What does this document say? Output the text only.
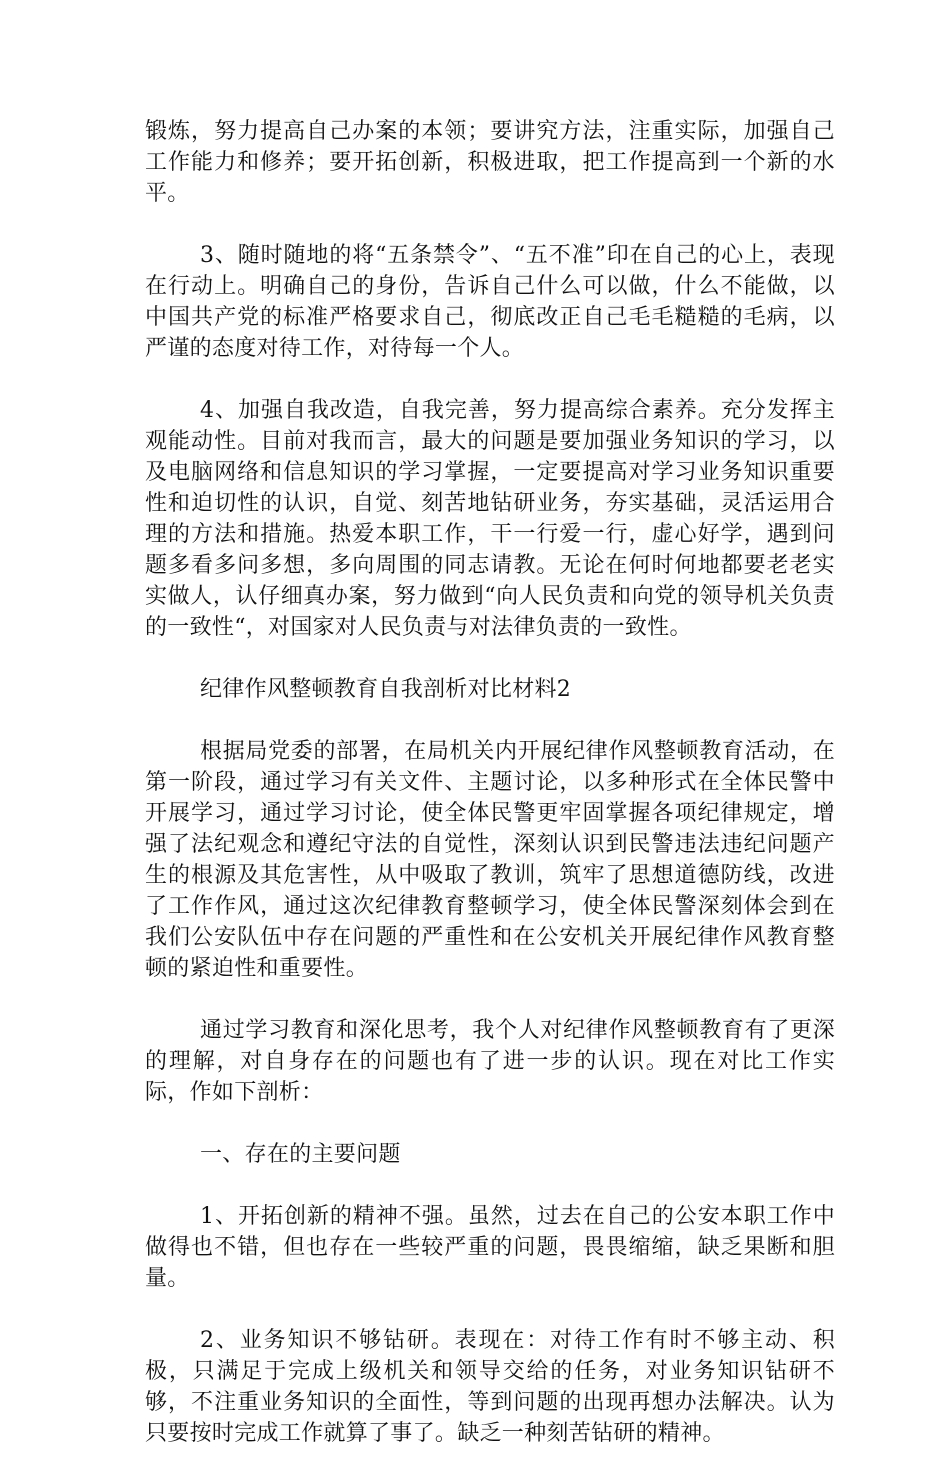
锻炼，努力提高自己办案的本领；要讲究方法，注重实际，加强自己工作能力和修养；要开拓创新，积极进取，把工作提高到一个新的水平。

3、随时随地的将“五条禁令”、“五不准”印在自己的心上，表现在行动上。明确自己的身份，告诉自己什么可以做，什么不能做，以中国共产党的标准严格要求自己，彻底改正自己毛毛糙糙的毛病，以严谨的态度对待工作，对待每一个人。

4、加强自我改造，自我完善，努力提高综合素养。充分发挥主观能动性。目前对我而言，最大的问题是要加强业务知识的学习，以及电脑网络和信息知识的学习掌握，一定要提高对学习业务知识重要性和迫切性的认识，自觉、刻苦地钻研业务，夯实基础，灵活运用合理的方法和措施。热爱本职工作，干一行爱一行，虚心好学，遇到问题多看多问多想，多向周围的同志请教。无论在何时何地都要老老实实做人，认仔细真办案，努力做到“向人民负责和向党的领导机关负责的一致性“，对国家对人民负责与对法律负责的一致性。

纪律作风整顿教育自我剖析对比材料2

根据局党委的部署，在局机关内开展纪律作风整顿教育活动，在第一阶段，通过学习有关文件、主题讨论，以多种形式在全体民警中开展学习，通过学习讨论，使全体民警更牢固掌握各项纪律规定，增强了法纪观念和遵纪守法的自觉性，深刻认识到民警违法违纪问题产生的根源及其危害性，从中吸取了教训，筑牢了思想道德防线，改进了工作作风，通过这次纪律教育整顿学习，使全体民警深刻体会到在我们公安队伍中存在问题的严重性和在公安机关开展纪律作风教育整顿的紧迫性和重要性。

通过学习教育和深化思考，我个人对纪律作风整顿教育有了更深的理解，对自身存在的问题也有了进一步的认识。现在对比工作实际，作如下剖析：

一、存在的主要问题

1、开拓创新的精神不强。虽然，过去在自己的公安本职工作中做得也不错，但也存在一些较严重的问题，畏畏缩缩，缺乏果断和胆量。

2、业务知识不够钻研。表现在：对待工作有时不够主动、积极，只满足于完成上级机关和领导交给的任务，对业务知识钻研不够，不注重业务知识的全面性，等到问题的出现再想办法解决。认为只要按时完成工作就算了事了。缺乏一种刻苦钻研的精神。
